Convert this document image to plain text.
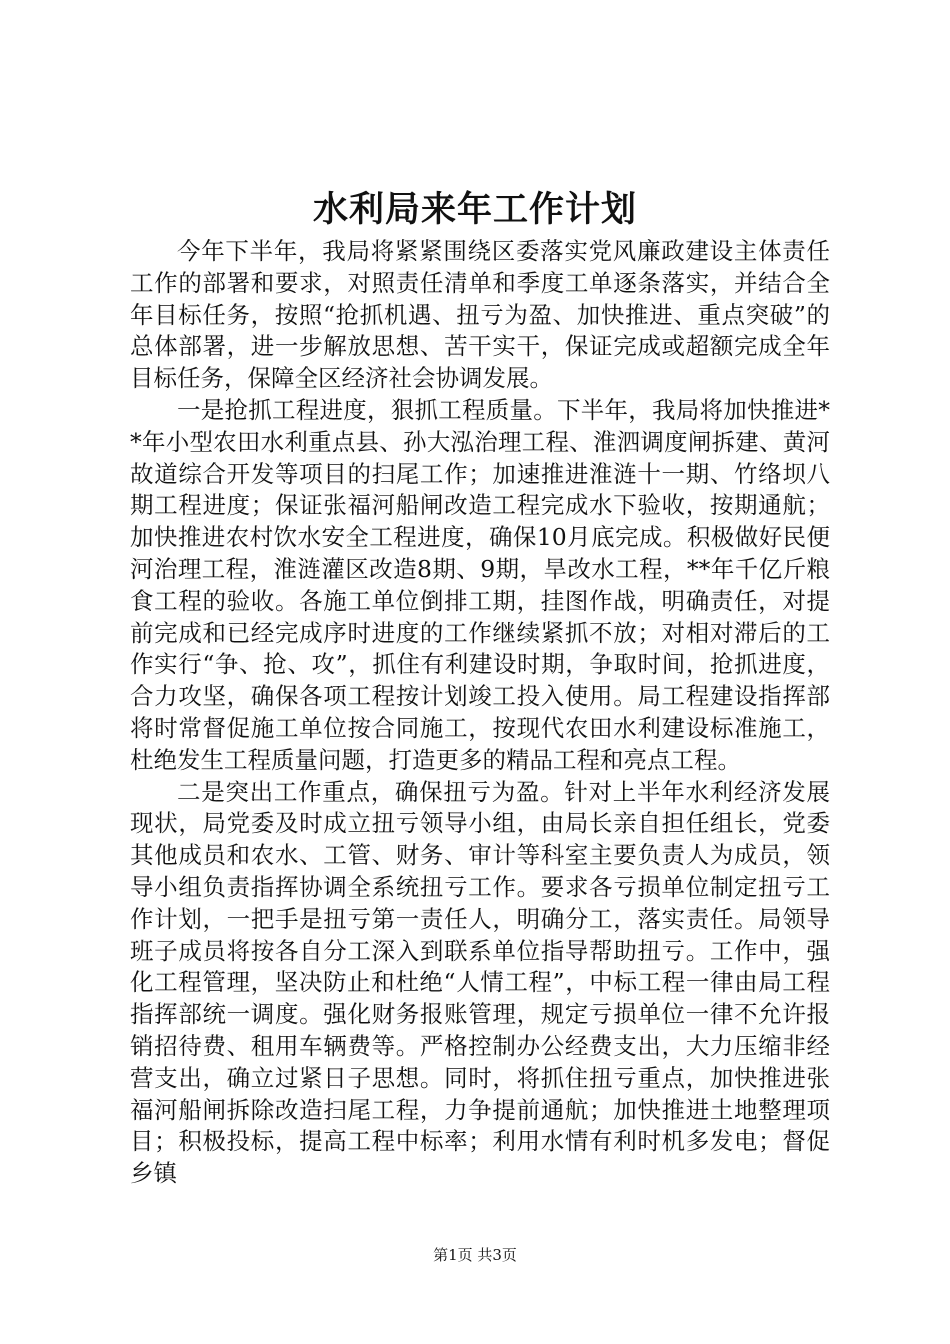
水利局来年工作计划

今年下半年，我局将紧紧围绕区委落实党风廉政建设主体责任工作的部署和要求，对照责任清单和季度工单逐条落实，并结合全年目标任务，按照“抢抓机遇、扭亏为盈、加快推进、重点突破”的总体部署，进一步解放思想、苦干实干，保证完成或超额完成全年目标任务，保障全区经济社会协调发展。

一是抢抓工程进度，狠抓工程质量。下半年，我局将加快推进**年小型农田水利重点县、孙大泓治理工程、淮泗调度闸拆建、黄河故道综合开发等项目的扫尾工作；加速推进淮涟十一期、竹络坝八期工程进度；保证张福河船闸改造工程完成水下验收，按期通航；加快推进农村饮水安全工程进度，确保10月底完成。积极做好民便河治理工程，淮涟灌区改造8期、9期，旱改水工程，**年千亿斤粮食工程的验收。各施工单位倒排工期，挂图作战，明确责任，对提前完成和已经完成序时进度的工作继续紧抓不放；对相对滞后的工作实行“争、抢、攻”，抓住有利建设时期，争取时间，抢抓进度，合力攻坚，确保各项工程按计划竣工投入使用。局工程建设指挥部将时常督促施工单位按合同施工，按现代农田水利建设标准施工，杜绝发生工程质量问题，打造更多的精品工程和亮点工程。

二是突出工作重点，确保扭亏为盈。针对上半年水利经济发展现状，局党委及时成立扭亏领导小组，由局长亲自担任组长，党委其他成员和农水、工管、财务、审计等科室主要负责人为成员，领导小组负责指挥协调全系统扭亏工作。要求各亏损单位制定扭亏工作计划，一把手是扭亏第一责任人，明确分工，落实责任。局领导班子成员将按各自分工深入到联系单位指导帮助扭亏。工作中，强化工程管理，坚决防止和杜绝“人情工程”，中标工程一律由局工程指挥部统一调度。强化财务报账管理，规定亏损单位一律不允许报销招待费、租用车辆费等。严格控制办公经费支出，大力压缩非经营支出，确立过紧日子思想。同时，将抓住扭亏重点，加快推进张福河船闸拆除改造扫尾工程，力争提前通航；加快推进土地整理项目；积极投标，提高工程中标率；利用水情有利时机多发电；督促乡镇

第1页 共3页
